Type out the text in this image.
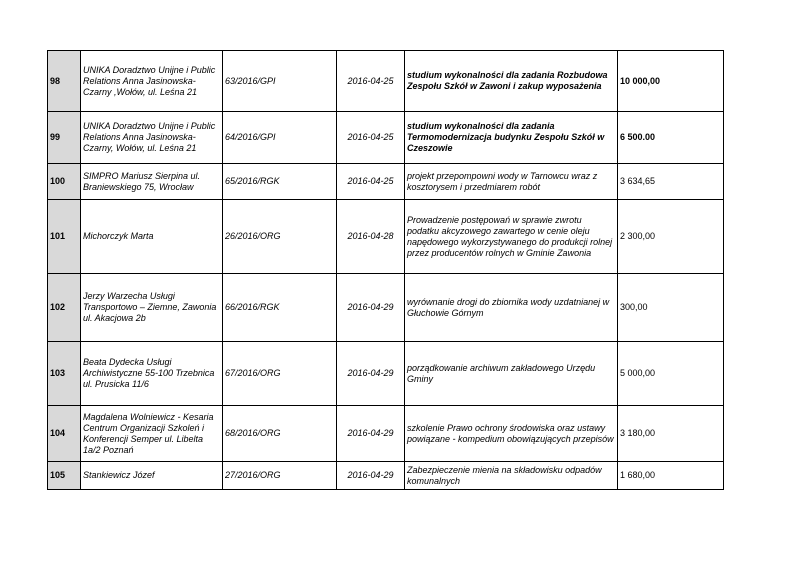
98	UNIKA Doradztwo Unijne i Public Relations Anna Jasinowska-Czarny ,Wołów, ul. Leśna 21	63/2016/GPI	2016-04-25	studium wykonalności dla zadania Rozbudowa Zespołu Szkół w Zawoni i zakup wyposażenia	10 000,00
99	UNIKA Doradztwo Unijne i Public Relations Anna Jasinowska-Czarny, Wołów, ul. Leśna 21	64/2016/GPI	2016-04-25	studium wykonalności dla zadania Termomodernizacja budynku Zespołu Szkół w Czeszowie	6 500.00
100	SIMPRO Mariusz Sierpina ul. Braniewskiego 75, Wrocław	65/2016/RGK	2016-04-25	projekt przepompowni wody w Tarnowcu wraz z kosztorysem i przedmiarem robót	3 634,65
101	Michorczyk Marta	26/2016/ORG	2016-04-28	Prowadzenie postępowań w sprawie zwrotu podatku akcyzowego zawartego w cenie oleju napędowego wykorzystywanego do produkcji rolnej przez producentów rolnych w Gminie Zawonia	2 300,00
102	Jerzy Warzecha Usługi Transportowo – Ziemne, Zawonia ul. Akacjowa 2b	66/2016/RGK	2016-04-29	wyrównanie drogi do zbiornika wody uzdatnianej w Głuchowie Górnym	300,00
103	Beata Dydecka Usługi Archiwistyczne 55-100 Trzebnica ul. Prusicka 11/6	67/2016/ORG	2016-04-29	porządkowanie archiwum zakładowego Urzędu Gminy	5 000,00
104	Magdalena Wolniewicz - Kesaria Centrum Organizacji Szkoleń i Konferencji Semper ul. Libelta 1a/2 Poznań	68/2016/ORG	2016-04-29	szkolenie Prawo ochrony środowiska oraz ustawy powiązane - kompedium obowiązujących przepisów	3 180,00
105	Stankiewicz Józef	27/2016/ORG	2016-04-29	Zabezpieczenie mienia na składowisku odpadów komunalnych	1 680,00
